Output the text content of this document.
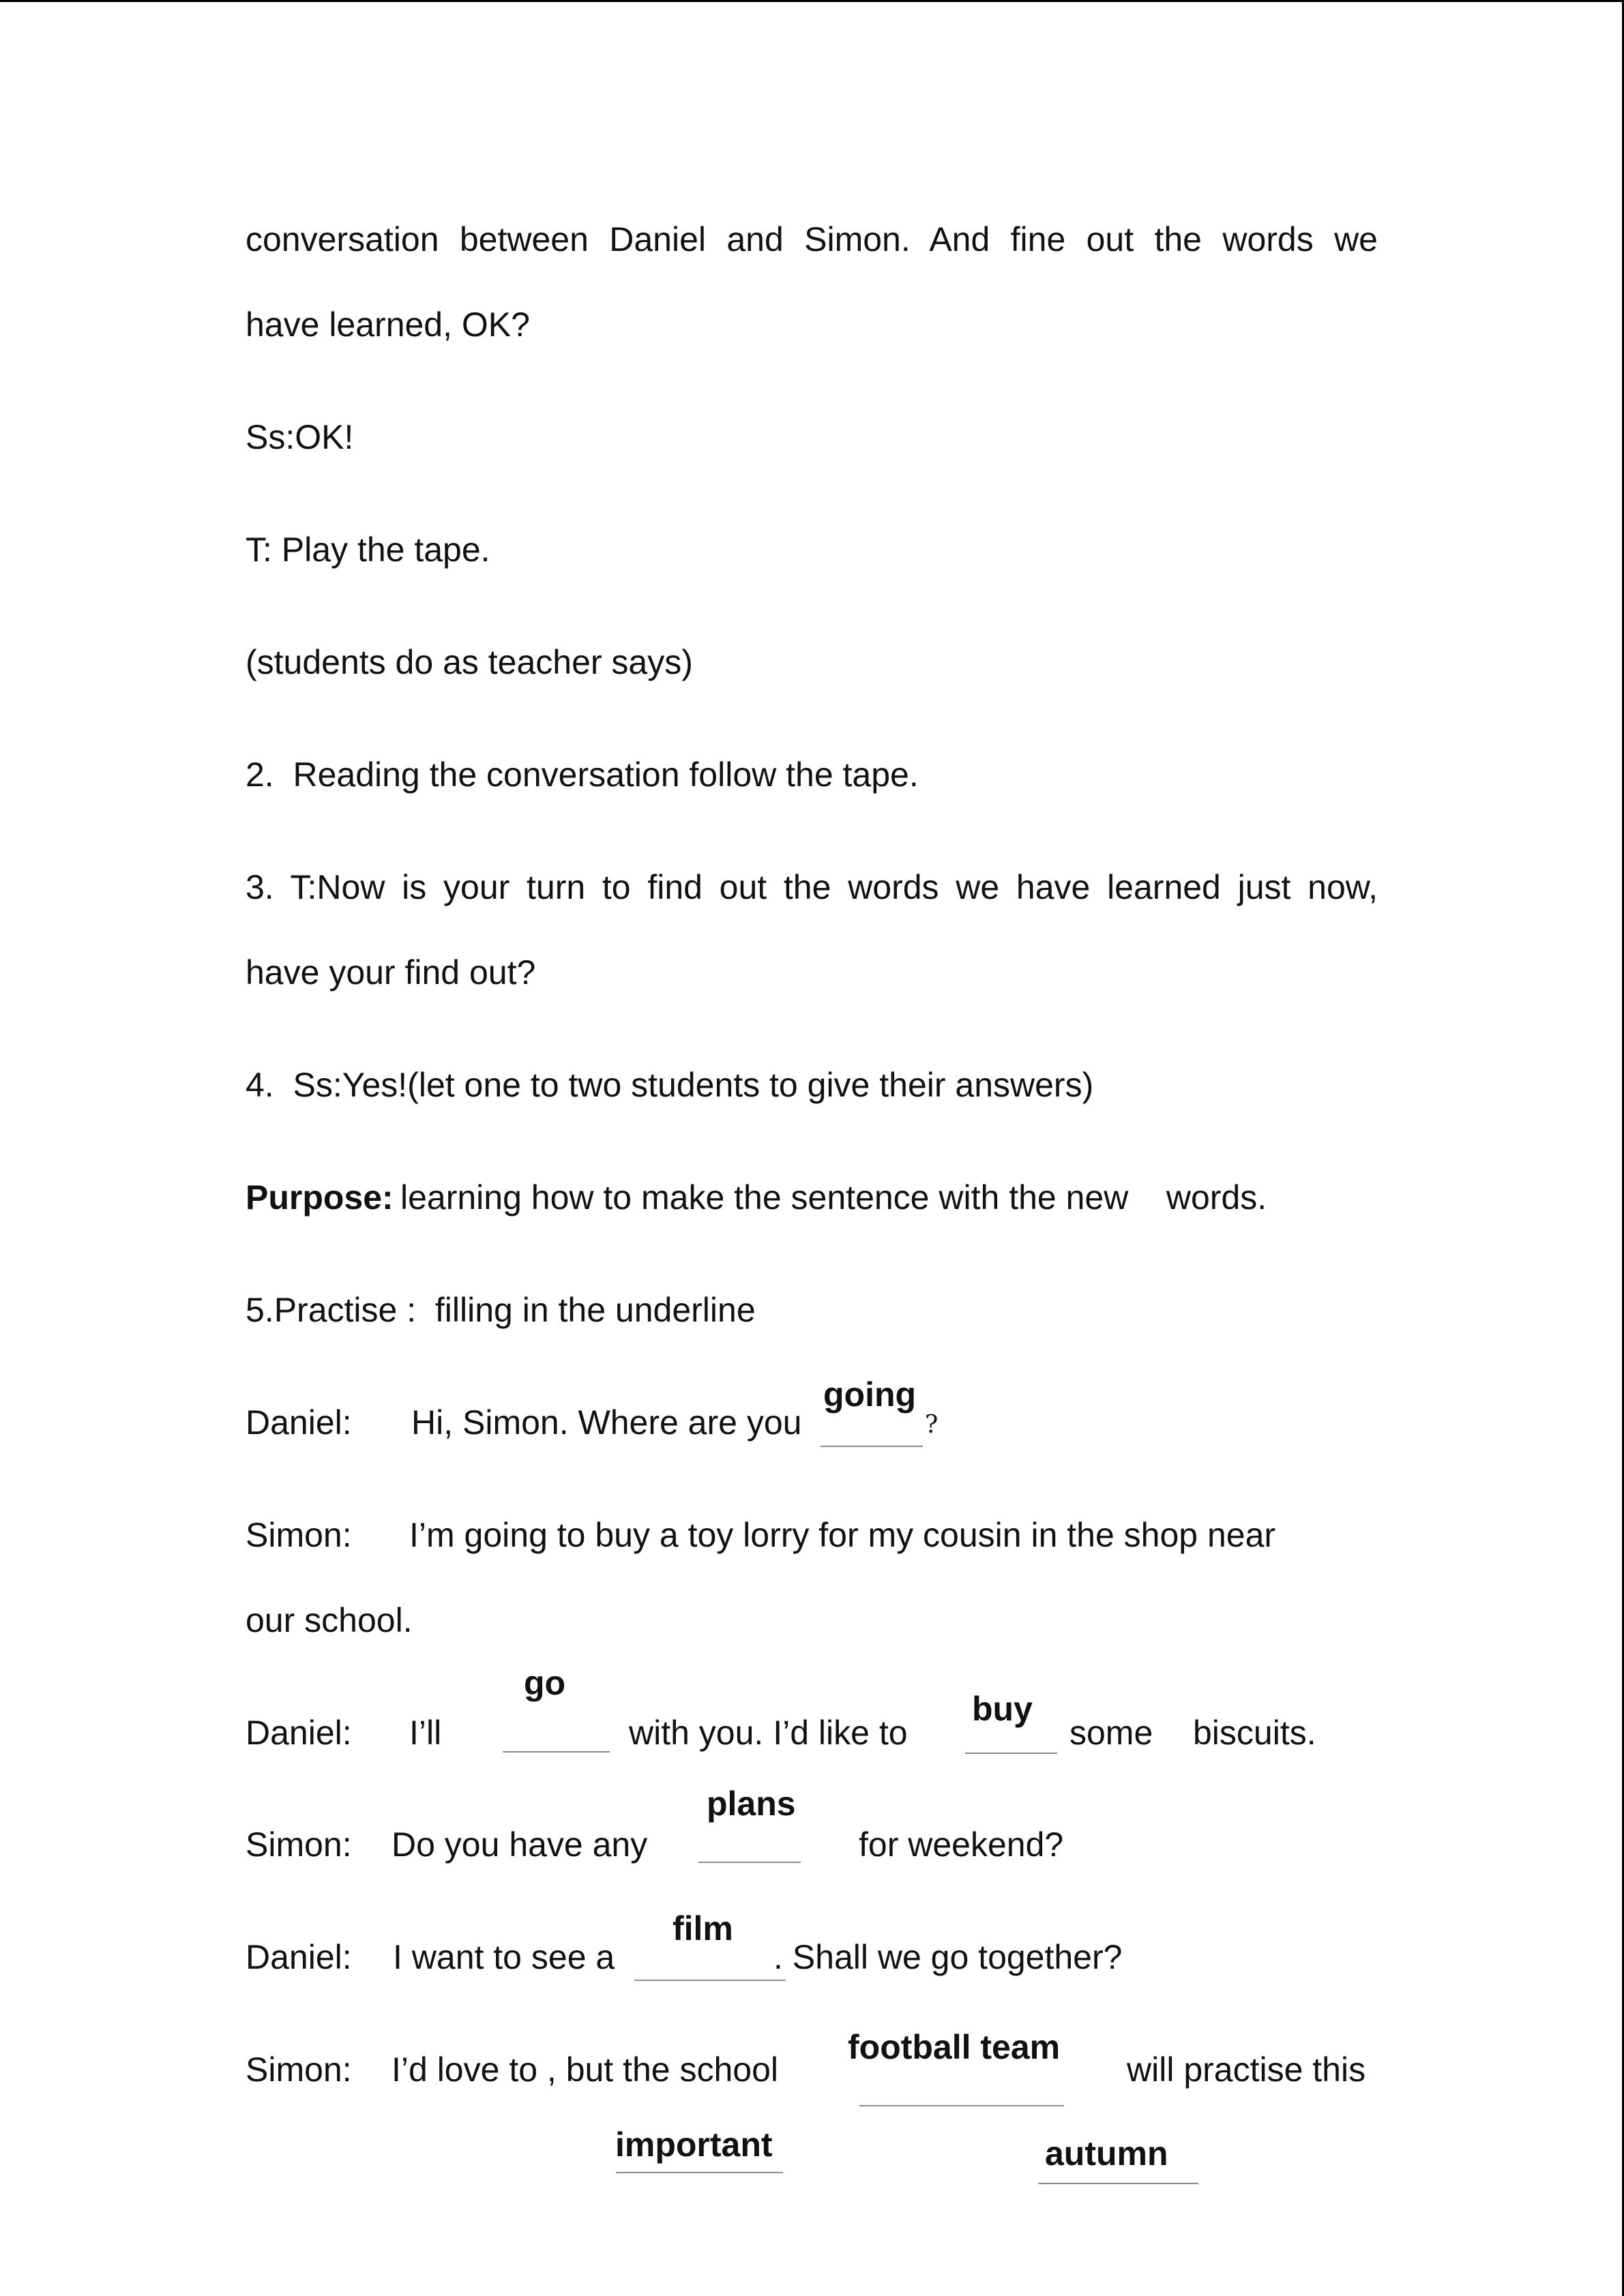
conversation between Daniel and Simon. And fine out the words we
have learned, OK?
Ss:OK!
T: Play the tape.
(students do as teacher says)
2.  Reading the conversation follow the tape.
3. T:Now is your turn to find out the words we have learned just now,
have your find out?
4.  Ss:Yes!(let one to two students to give their answers)
Purpose: learning how to make the sentence with the new    words.
5.Practise :  filling in the underline
Daniel: Hi, Simon. Where are you
going
?
Simon: I’m going to buy a toy lorry for my cousin in the shop near
our school.
Daniel: I’ll
go
with you. I’d like to
buy
some biscuits.
Simon: Do you have any
plans
for weekend?
Daniel: I want to see a
film
. Shall we go together?
Simon: I’d love to , but the school
football team
will practise this
important	autumn
